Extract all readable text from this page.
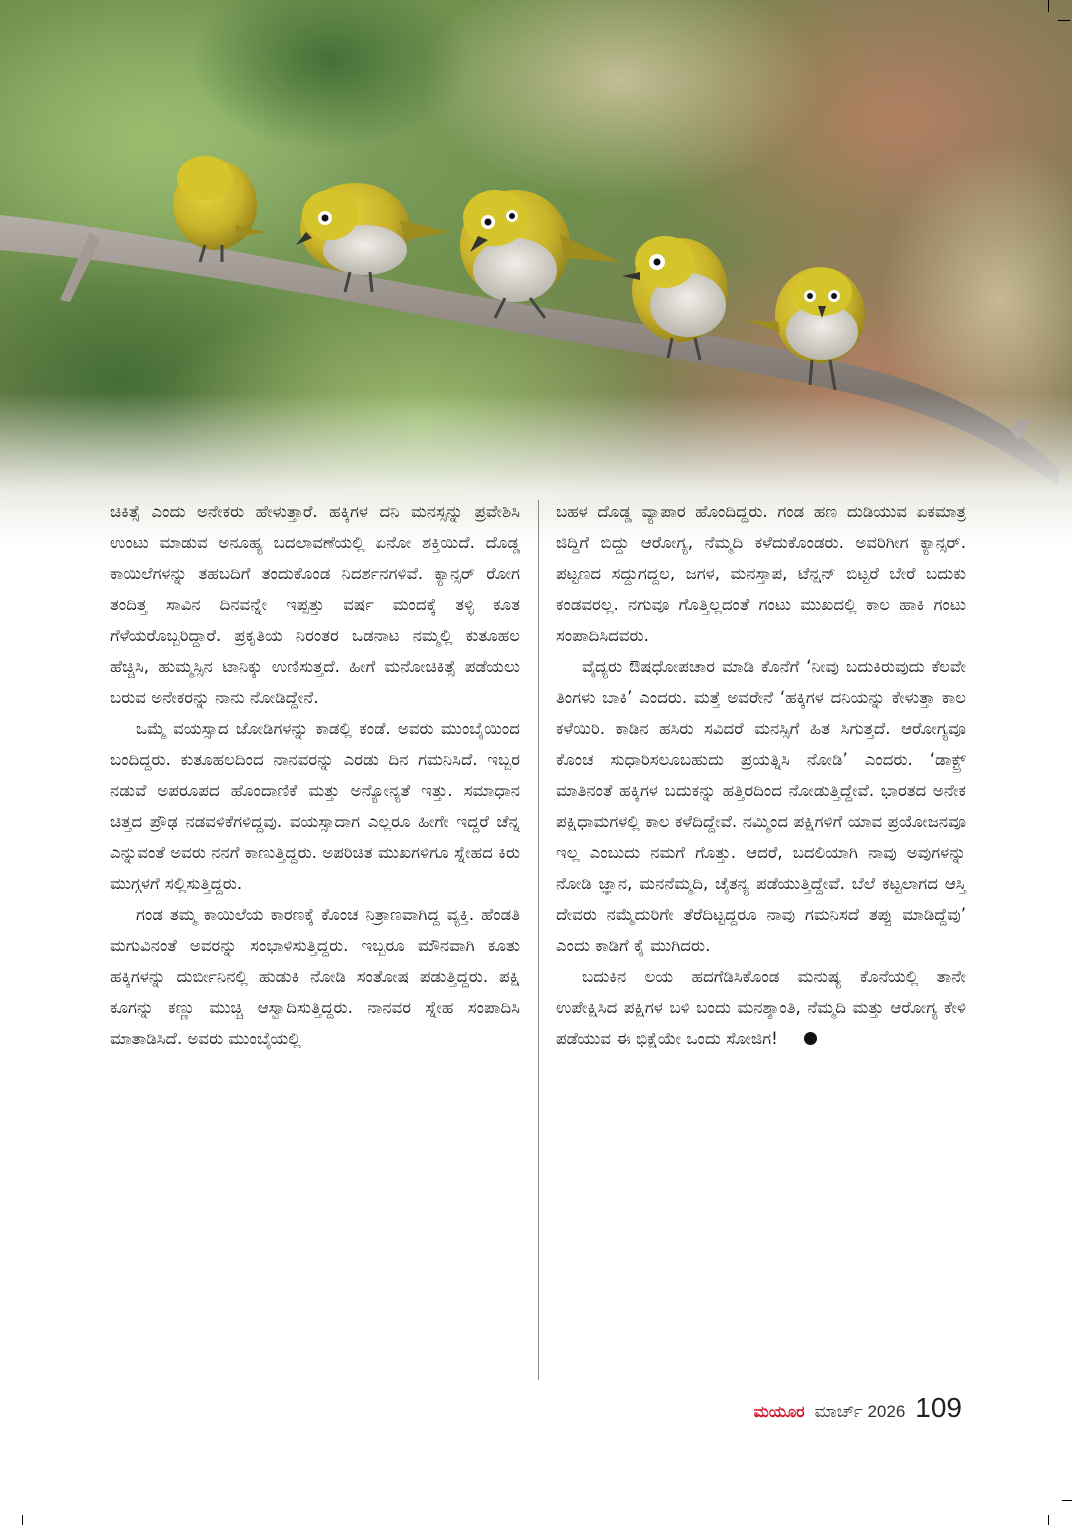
ಚಿಕಿತ್ಸೆ ಎಂದು ಅನೇಕರು ಹೇಳುತ್ತಾರೆ. ಹಕ್ಕಿಗಳ ದನಿ ಮನಸ್ಸನ್ನು ಪ್ರವೇಶಿಸಿ ಉಂಟು ಮಾಡುವ ಅನೂಹ್ಯ ಬದಲಾವಣೆಯಲ್ಲಿ ಏನೋ ಶಕ್ತಿಯಿದೆ. ದೊಡ್ಡ ಕಾಯಿಲೆಗಳನ್ನು ತಹಬದಿಗೆ ತಂದುಕೊಂಡ ನಿದರ್ಶನಗಳಿವೆ. ಕ್ಯಾನ್ಸರ್ ರೋಗ ತಂದಿತ್ತ ಸಾವಿನ ದಿನವನ್ನೇ ಇಪ್ಪತ್ತು ವರ್ಷ ಮಂದಕ್ಕೆ ತಳ್ಳಿ ಕೂತ ಗೆಳೆಯರೊಬ್ಬರಿದ್ದಾರೆ. ಪ್ರಕೃತಿಯ ನಿರಂತರ ಒಡನಾಟ ನಮ್ಮಲ್ಲಿ ಕುತೂಹಲ ಹೆಚ್ಚಿಸಿ, ಹುಮ್ಮಸ್ಸಿನ ಟಾನಿಕ್ಕು ಉಣಿಸುತ್ತದೆ. ಹೀಗೆ ಮನೋಚಿಕಿತ್ಸೆ ಪಡೆಯಲು ಬರುವ ಅನೇಕರನ್ನು ನಾನು ನೋಡಿದ್ದೇನೆ.

ಒಮ್ಮೆ ವಯಸ್ಸಾದ ಜೋಡಿಗಳನ್ನು ಕಾಡಲ್ಲಿ ಕಂಡೆ. ಅವರು ಮುಂಬೈಯಿಂದ ಬಂದಿದ್ದರು. ಕುತೂಹಲದಿಂದ ನಾನವರನ್ನು ಎರಡು ದಿನ ಗಮನಿಸಿದೆ. ಇಬ್ಬರ ನಡುವೆ ಅಪರೂಪದ ಹೊಂದಾಣಿಕೆ ಮತ್ತು ಅನ್ಯೋನ್ಯತೆ ಇತ್ತು. ಸಮಾಧಾನ ಚಿತ್ತದ ಪ್ರೌಢ ನಡವಳಿಕೆಗಳಿದ್ದವು. ವಯಸ್ಸಾದಾಗ ಎಲ್ಲರೂ ಹೀಗೇ ಇದ್ದರೆ ಚೆನ್ನ ಎನ್ನುವಂತೆ ಅವರು ನನಗೆ ಕಾಣುತ್ತಿದ್ದರು. ಅಪರಿಚಿತ ಮುಖಗಳಿಗೂ ಸ್ನೇಹದ ಕಿರು ಮುಗ್ಗಳಗೆ ಸಲ್ಲಿಸುತ್ತಿದ್ದರು.

ಗಂಡ ತಮ್ಮ ಕಾಯಿಲೆಯ ಕಾರಣಕ್ಕೆ ಕೊಂಚ ನಿತ್ರಾಣವಾಗಿದ್ದ ವ್ಯಕ್ತಿ. ಹೆಂಡತಿ ಮಗುವಿನಂತೆ ಅವರನ್ನು ಸಂಭಾಳಿಸುತ್ತಿದ್ದರು. ಇಬ್ಬರೂ ಮೌನವಾಗಿ ಕೂತು ಹಕ್ಕಿಗಳನ್ನು ದುರ್ಬೀನಿನಲ್ಲಿ ಹುಡುಕಿ ನೋಡಿ ಸಂತೋಷ ಪಡುತ್ತಿದ್ದರು. ಪಕ್ಷಿ ಕೂಗನ್ನು ಕಣ್ಣು ಮುಚ್ಚಿ ಆಸ್ವಾದಿಸುತ್ತಿದ್ದರು. ನಾನವರ ಸ್ನೇಹ ಸಂಪಾದಿಸಿ ಮಾತಾಡಿಸಿದೆ. ಅವರು ಮುಂಬೈಯಲ್ಲಿ

ಬಹಳ ದೊಡ್ಡ ವ್ಯಾಪಾರ ಹೊಂದಿದ್ದರು. ಗಂಡ ಹಣ ದುಡಿಯುವ ಏಕಮಾತ್ರ ಜಿದ್ದಿಗೆ ಬಿದ್ದು ಆರೋಗ್ಯ, ನೆಮ್ಮದಿ ಕಳೆದುಕೊಂಡರು. ಅವರಿಗೀಗ ಕ್ಯಾನ್ಸರ್. ಪಟ್ಟಣದ ಸದ್ದುಗದ್ದಲ, ಜಗಳ, ಮನಸ್ತಾಪ, ಟೆನ್ಷನ್ ಬಿಟ್ಟರೆ ಬೇರೆ ಬದುಕು ಕಂಡವರಲ್ಲ. ನಗುವೂ ಗೊತ್ತಿಲ್ಲದಂತೆ ಗಂಟು ಮುಖದಲ್ಲಿ ಕಾಲ ಹಾಕಿ ಗಂಟು ಸಂಪಾದಿಸಿದವರು.

ವೈದ್ಯರು ಔಷಧೋಪಚಾರ ಮಾಡಿ ಕೊನೆಗೆ ‘ನೀವು ಬದುಕಿರುವುದು ಕೆಲವೇ ತಿಂಗಳು ಬಾಕಿ’ ಎಂದರು. ಮತ್ತೆ ಅವರೇನೆ ‘ಹಕ್ಕಿಗಳ ದನಿಯನ್ನು ಕೇಳುತ್ತಾ ಕಾಲ ಕಳೆಯಿರಿ. ಕಾಡಿನ ಹಸಿರು ಸವಿದರೆ ಮನಸ್ಸಿಗೆ ಹಿತ ಸಿಗುತ್ತದೆ. ಆರೋಗ್ಯವೂ ಕೊಂಚ ಸುಧಾರಿಸಲೂಬಹುದು ಪ್ರಯತ್ನಿಸಿ ನೋಡಿ’ ಎಂದರು. ‘ಡಾಕ್ಟ್ರ್ ಮಾತಿನಂತೆ ಹಕ್ಕಿಗಳ ಬದುಕನ್ನು ಹತ್ತಿರದಿಂದ ನೋಡುತ್ತಿದ್ದೇವೆ. ಭಾರತದ ಅನೇಕ ಪಕ್ಷಿಧಾಮಗಳಲ್ಲಿ ಕಾಲ ಕಳೆದಿದ್ದೇವೆ. ನಮ್ಮಿಂದ ಪಕ್ಷಿಗಳಿಗೆ ಯಾವ ಪ್ರಯೋಜನವೂ ಇಲ್ಲ ಎಂಬುದು ನಮಗೆ ಗೊತ್ತು. ಆದರೆ, ಬದಲಿಯಾಗಿ ನಾವು ಅವುಗಳನ್ನು ನೋಡಿ ಜ್ಞಾನ, ಮನನೆಮ್ಮದಿ, ಚೈತನ್ಯ ಪಡೆಯುತ್ತಿದ್ದೇವೆ. ಬೆಲೆ ಕಟ್ಟಲಾಗದ ಆಸ್ತಿ ದೇವರು ನಮ್ಮೆದುರಿಗೇ ತೆರೆದಿಟ್ಟದ್ದರೂ ನಾವು ಗಮನಿಸದೆ ತಪ್ಪು ಮಾಡಿದ್ದೆವು’ ಎಂದು ಕಾಡಿಗೆ ಕೈ ಮುಗಿದರು.

ಬದುಕಿನ ಲಯ ಹದಗೆಡಿಸಿಕೊಂಡ ಮನುಷ್ಯ ಕೊನೆಯಲ್ಲಿ ತಾನೇ ಉಪೇಕ್ಷಿಸಿದ ಪಕ್ಷಿಗಳ ಬಳಿ ಬಂದು ಮನಶ್ಶಾಂತಿ, ನೆಮ್ಮದಿ ಮತ್ತು ಆರೋಗ್ಯ ಕೇಳಿ ಪಡೆಯುವ ಈ ಭಿಕ್ಷೆಯೇ ಒಂದು ಸೋಜಿಗ!

ಮಯೂರ ಮಾರ್ಚ್ 2026 109
